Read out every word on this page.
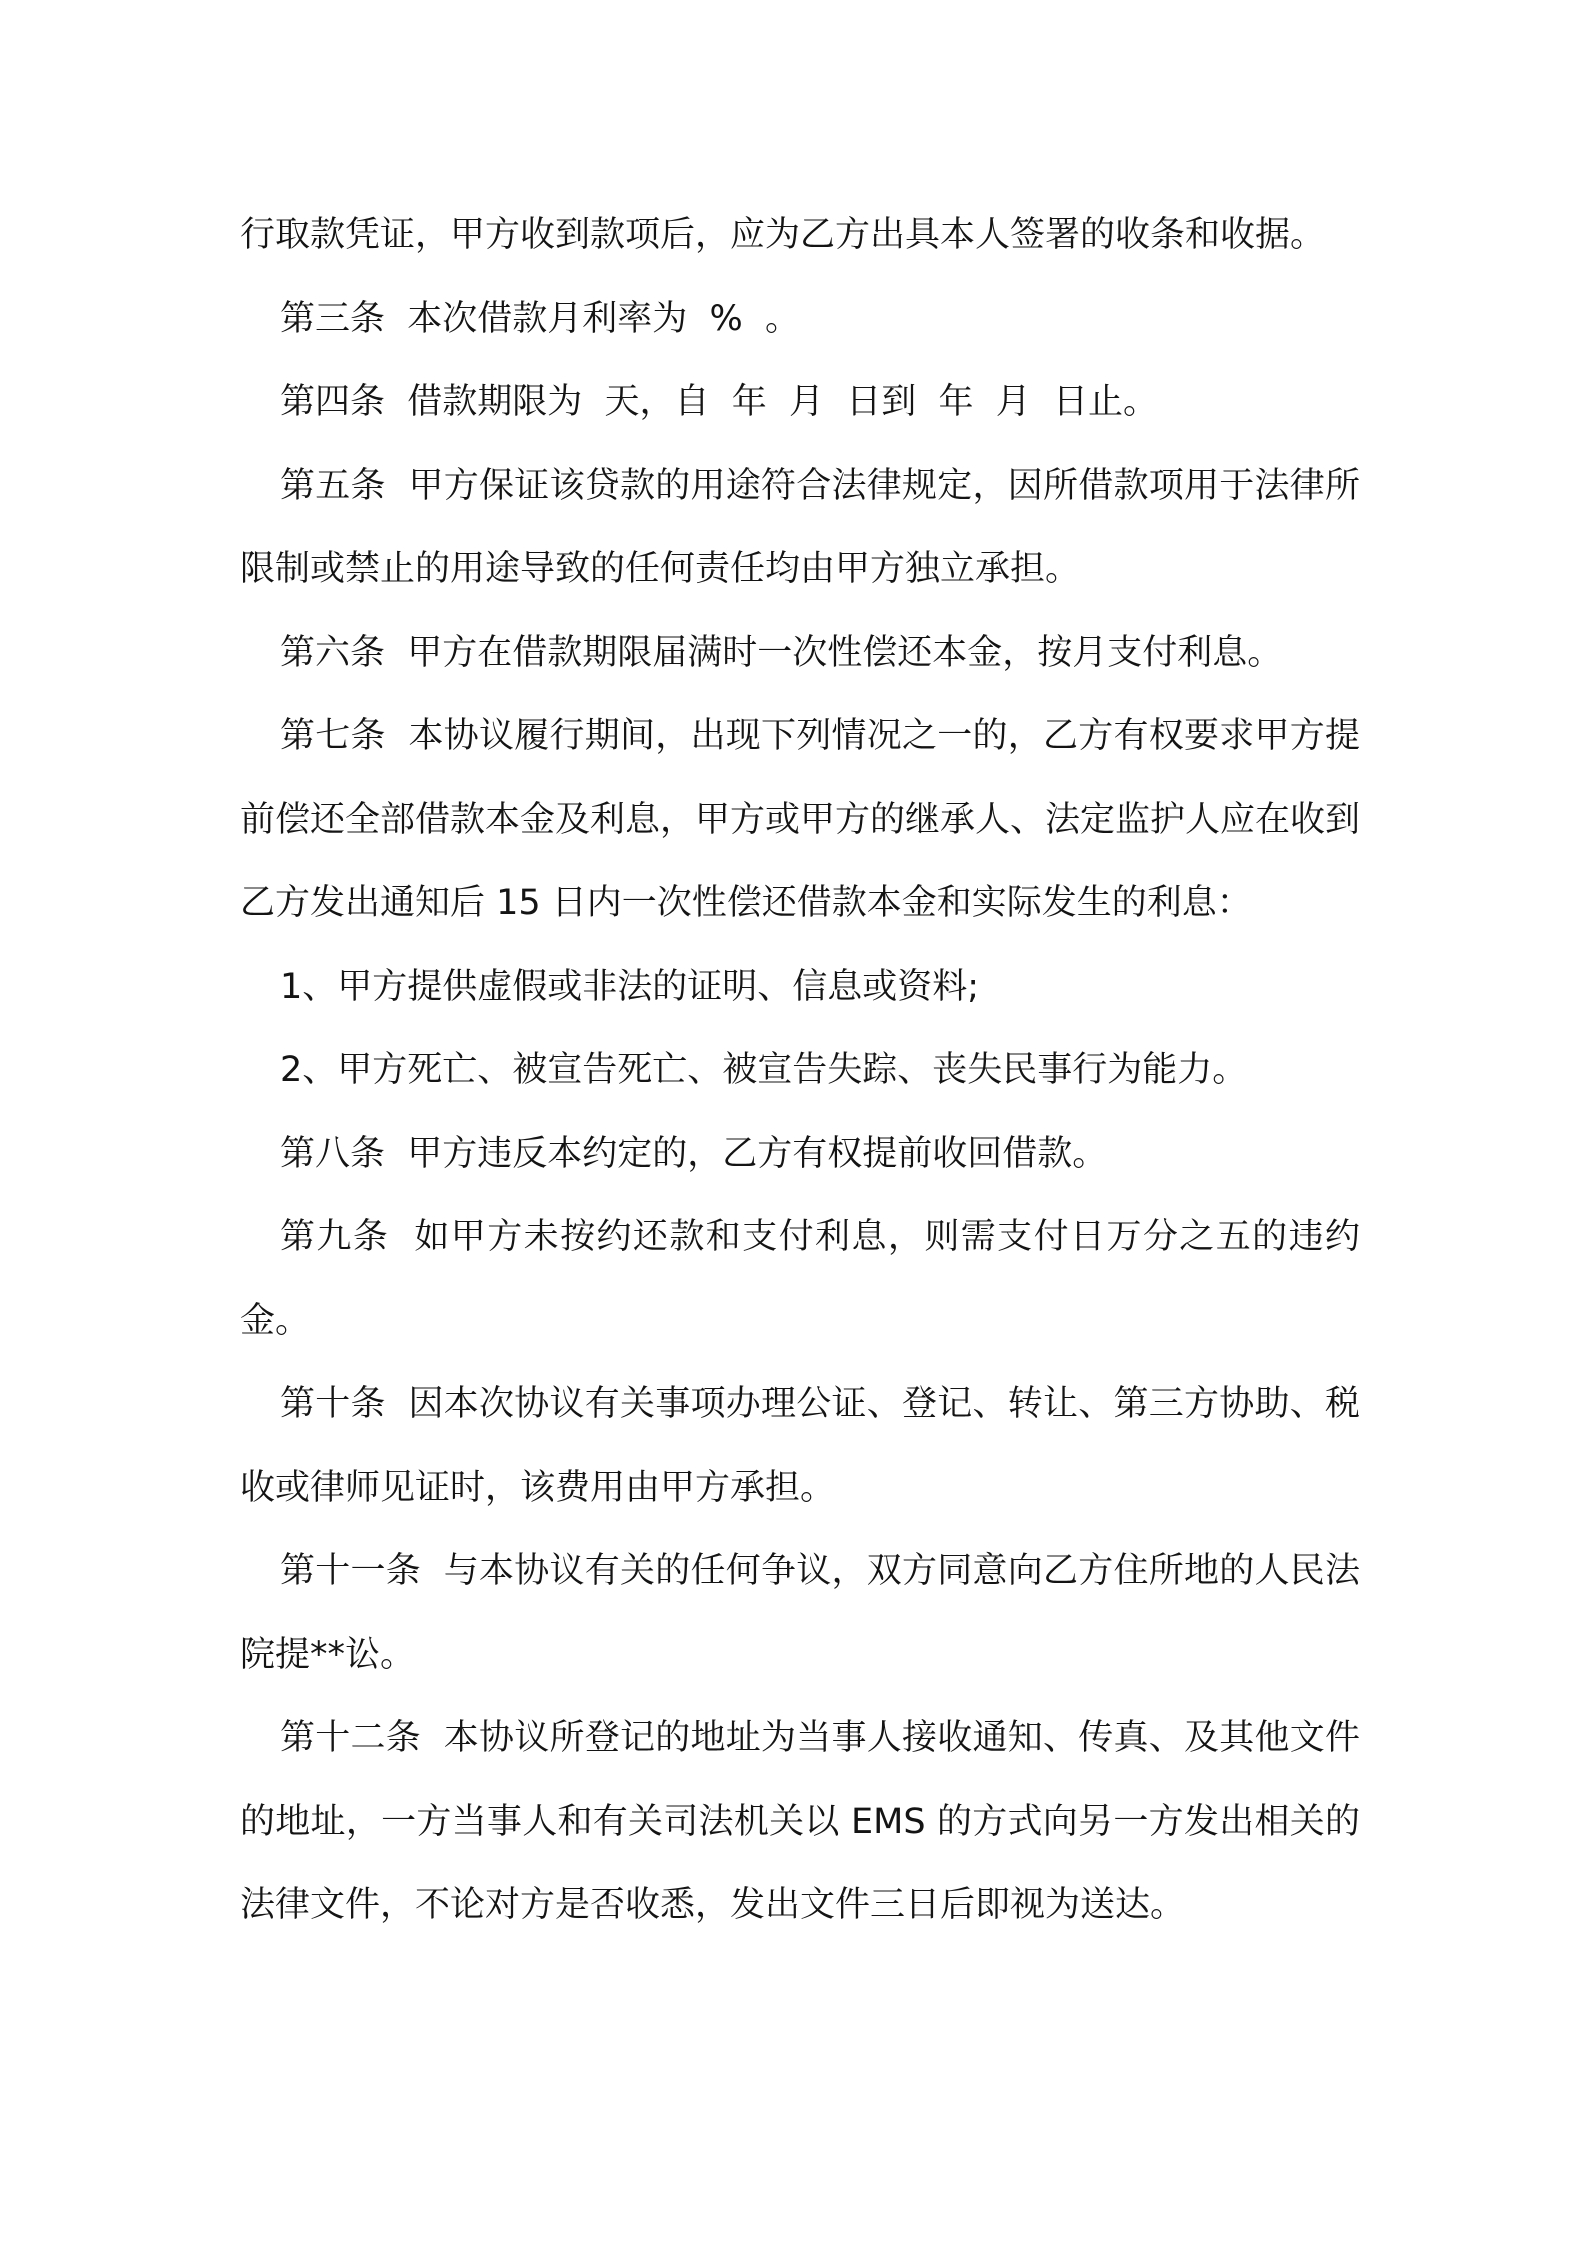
行取款凭证，甲方收到款项后，应为乙方出具本人签署的收条和收据。

第三条  本次借款月利率为  %  。

第四条  借款期限为  天，自  年  月  日到  年  月  日止。

第五条  甲方保证该贷款的用途符合法律规定，因所借款项用于法律所限制或禁止的用途导致的任何责任均由甲方独立承担。

第六条  甲方在借款期限届满时一次性偿还本金，按月支付利息。

第七条  本协议履行期间，出现下列情况之一的，乙方有权要求甲方提前偿还全部借款本金及利息，甲方或甲方的继承人、法定监护人应在收到乙方发出通知后 15 日内一次性偿还借款本金和实际发生的利息：

1、甲方提供虚假或非法的证明、信息或资料;

2、甲方死亡、被宣告死亡、被宣告失踪、丧失民事行为能力。

第八条  甲方违反本约定的，乙方有权提前收回借款。

第九条  如甲方未按约还款和支付利息，则需支付日万分之五的违约金。

第十条  因本次协议有关事项办理公证、登记、转让、第三方协助、税收或律师见证时，该费用由甲方承担。

第十一条  与本协议有关的任何争议，双方同意向乙方住所地的人民法院提**讼。

第十二条  本协议所登记的地址为当事人接收通知、传真、及其他文件的地址，一方当事人和有关司法机关以 EMS 的方式向另一方发出相关的法律文件，不论对方是否收悉，发出文件三日后即视为送达。
